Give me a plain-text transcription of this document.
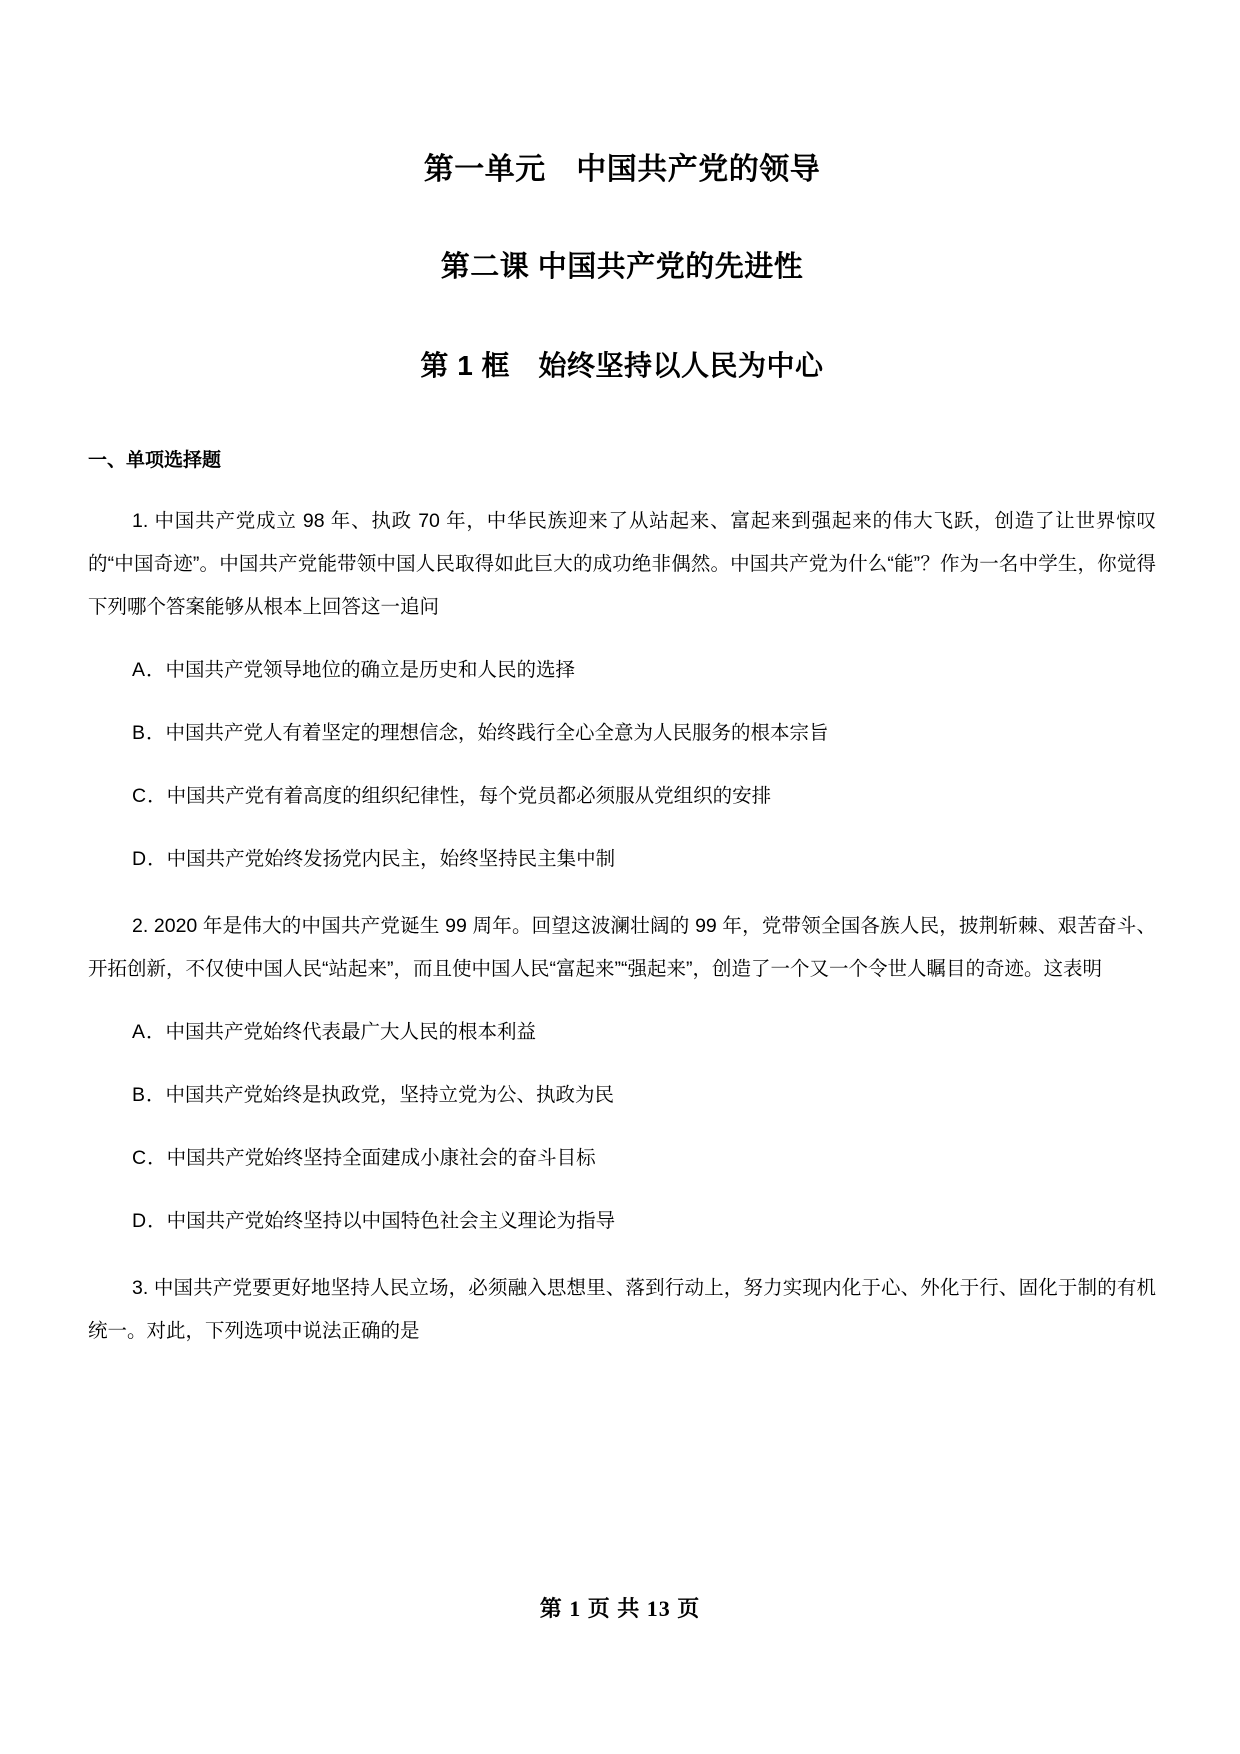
第一单元　中国共产党的领导
第二课 中国共产党的先进性
第 1 框　始终坚持以人民为中心
一、单项选择题

1. 中国共产党成立 98 年、执政 70 年，中华民族迎来了从站起来、富起来到强起来的伟大飞跃，创造了让世界惊叹的“中国奇迹”。中国共产党能带领中国人民取得如此巨大的成功绝非偶然。中国共产党为什么“能”？作为一名中学生，你觉得下列哪个答案能够从根本上回答这一追问

A．中国共产党领导地位的确立是历史和人民的选择

B．中国共产党人有着坚定的理想信念，始终践行全心全意为人民服务的根本宗旨

C．中国共产党有着高度的组织纪律性，每个党员都必须服从党组织的安排

D．中国共产党始终发扬党内民主，始终坚持民主集中制

2. 2020 年是伟大的中国共产党诞生 99 周年。回望这波澜壮阔的 99 年，党带领全国各族人民，披荆斩棘、艰苦奋斗、开拓创新，不仅使中国人民“站起来”，而且使中国人民“富起来”“强起来”，创造了一个又一个令世人瞩目的奇迹。这表明

A．中国共产党始终代表最广大人民的根本利益

B．中国共产党始终是执政党，坚持立党为公、执政为民

C．中国共产党始终坚持全面建成小康社会的奋斗目标

D．中国共产党始终坚持以中国特色社会主义理论为指导

3. 中国共产党要更好地坚持人民立场，必须融入思想里、落到行动上，努力实现内化于心、外化于行、固化于制的有机统一。对此，下列选项中说法正确的是

第 1 页 共 13 页
